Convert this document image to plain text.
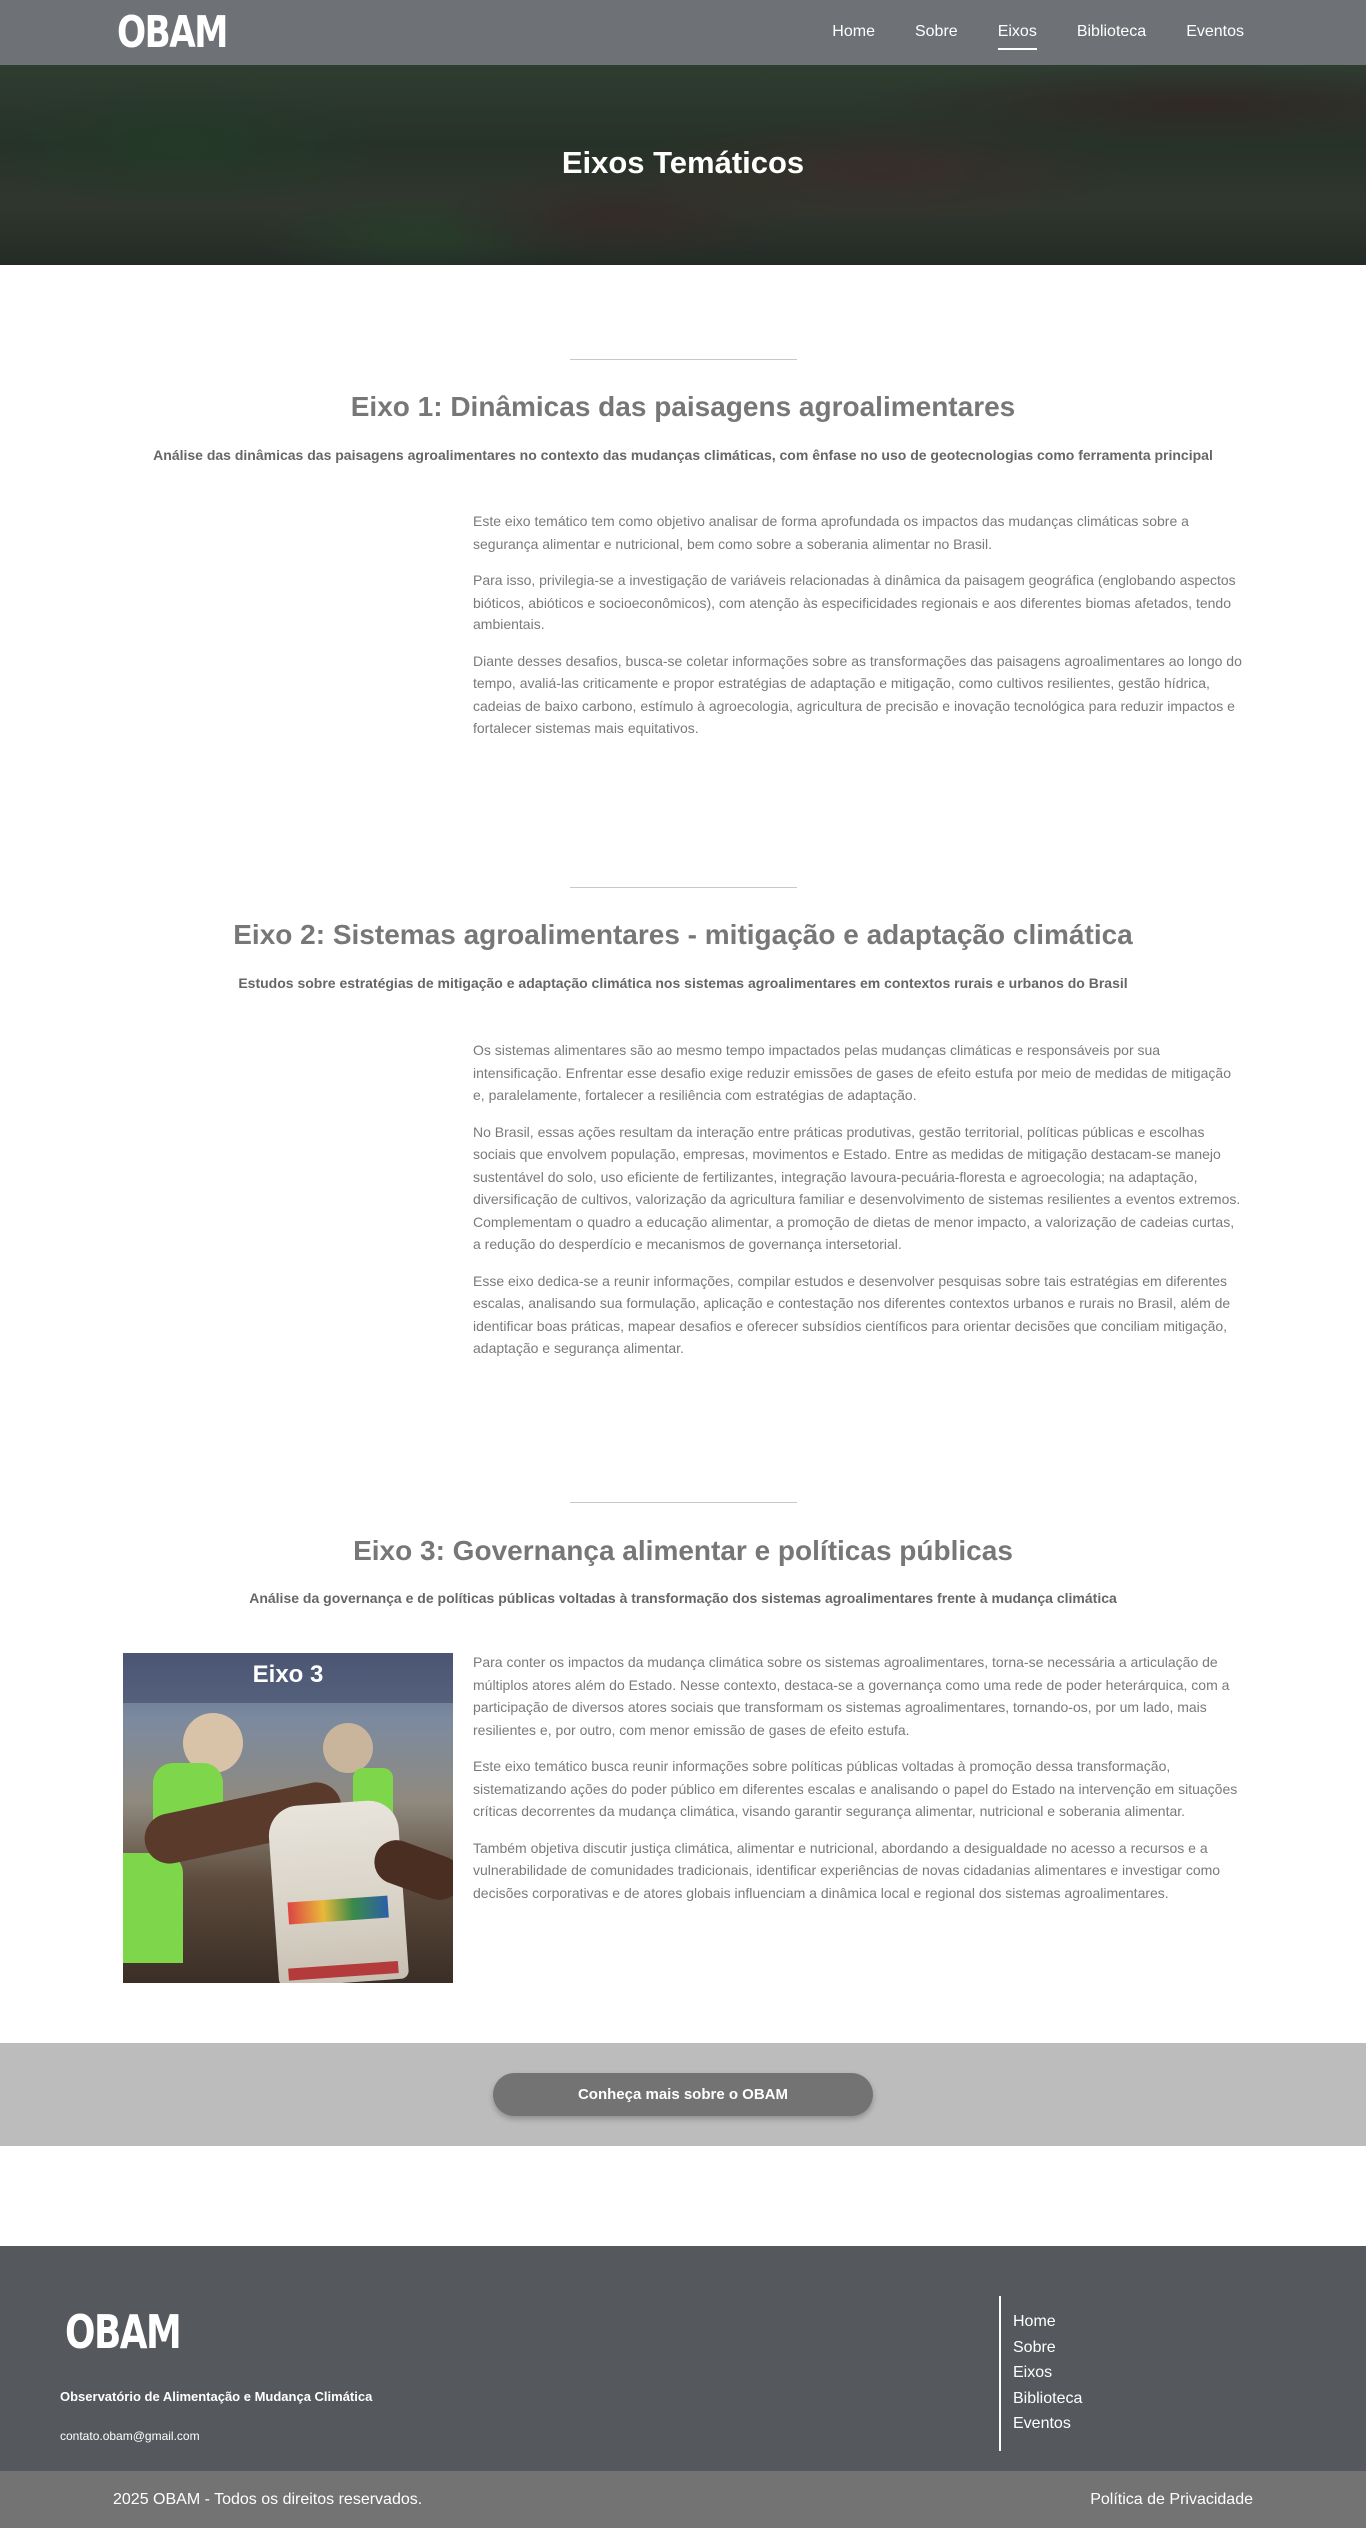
OBAM	Home	Sobre	Eixos	Biblioteca	Eventos
Eixos Temáticos
Eixo 1: Dinâmicas das paisagens agroalimentares

Análise das dinâmicas das paisagens agroalimentares no contexto das mudanças climáticas, com ênfase no uso de geotecnologias como ferramenta principal

Este eixo temático tem como objetivo analisar de forma aprofundada os impactos das mudanças climáticas sobre a segurança alimentar e nutricional, bem como sobre a soberania alimentar no Brasil.

Para isso, privilegia-se a investigação de variáveis relacionadas à dinâmica da paisagem geográfica (englobando aspectos bióticos, abióticos e socioeconômicos), com atenção às especificidades regionais e aos diferentes biomas afetados, tendo

ambientais.

Diante desses desafios, busca-se coletar informações sobre as transformações das paisagens agroalimentares ao longo do tempo, avaliá-las criticamente e propor estratégias de adaptação e mitigação, como cultivos resilientes, gestão hídrica, cadeias de baixo carbono, estímulo à agroecologia, agricultura de precisão e inovação tecnológica para reduzir impactos e fortalecer sistemas mais equitativos.

Eixo 2: Sistemas agroalimentares - mitigação e adaptação climática

Estudos sobre estratégias de mitigação e adaptação climática nos sistemas agroalimentares em contextos rurais e urbanos do Brasil

Os sistemas alimentares são ao mesmo tempo impactados pelas mudanças climáticas e responsáveis por sua intensificação. Enfrentar esse desafio exige reduzir emissões de gases de efeito estufa por meio de medidas de mitigação e, paralelamente, fortalecer a resiliência com estratégias de adaptação.

No Brasil, essas ações resultam da interação entre práticas produtivas, gestão territorial, políticas públicas e escolhas sociais que envolvem população, empresas, movimentos e Estado. Entre as medidas de mitigação destacam-se manejo sustentável do solo, uso eficiente de fertilizantes, integração lavoura-pecuária-floresta e agroecologia; na adaptação, diversificação de cultivos, valorização da agricultura familiar e desenvolvimento de sistemas resilientes a eventos extremos. Complementam o quadro a educação alimentar, a promoção de dietas de menor impacto, a valorização de cadeias curtas, a redução do desperdício e mecanismos de governança intersetorial.

Esse eixo dedica-se a reunir informações, compilar estudos e desenvolver pesquisas sobre tais estratégias em diferentes escalas, analisando sua formulação, aplicação e contestação nos diferentes contextos urbanos e rurais no Brasil, além de identificar boas práticas, mapear desafios e oferecer subsídios científicos para orientar decisões que conciliam mitigação, adaptação e segurança alimentar.

Eixo 3: Governança alimentar e políticas públicas

Análise da governança e de políticas públicas voltadas à transformação dos sistemas agroalimentares frente à mudança climática

Eixo 3	Para conter os impactos da mudança climática sobre os sistemas agroalimentares, torna-se necessária a articulação de múltiplos atores além do Estado. Nesse contexto, destaca-se a governança como uma rede de poder heterárquica, com a participação de diversos atores sociais que transformam os sistemas agroalimentares, tornando-os, por um lado, mais resilientes e, por outro, com menor emissão de gases de efeito estufa.

Este eixo temático busca reunir informações sobre políticas públicas voltadas à promoção dessa transformação, sistematizando ações do poder público em diferentes escalas e analisando o papel do Estado na intervenção em situações críticas decorrentes da mudança climática, visando garantir segurança alimentar, nutricional e soberania alimentar.

Também objetiva discutir justiça climática, alimentar e nutricional, abordando a desigualdade no acesso a recursos e a vulnerabilidade de comunidades tradicionais, identificar experiências de novas cidadanias alimentares e investigar como decisões corporativas e de atores globais influenciam a dinâmica local e regional dos sistemas agroalimentares.

Conheça mais sobre o OBAM
OBAM
Observatório de Alimentação e Mudança Climática
contato.obam@gmail.com
Home
Sobre
Eixos
Biblioteca
Eventos
2025 OBAM - Todos os direitos reservados.	Política de Privacidade
